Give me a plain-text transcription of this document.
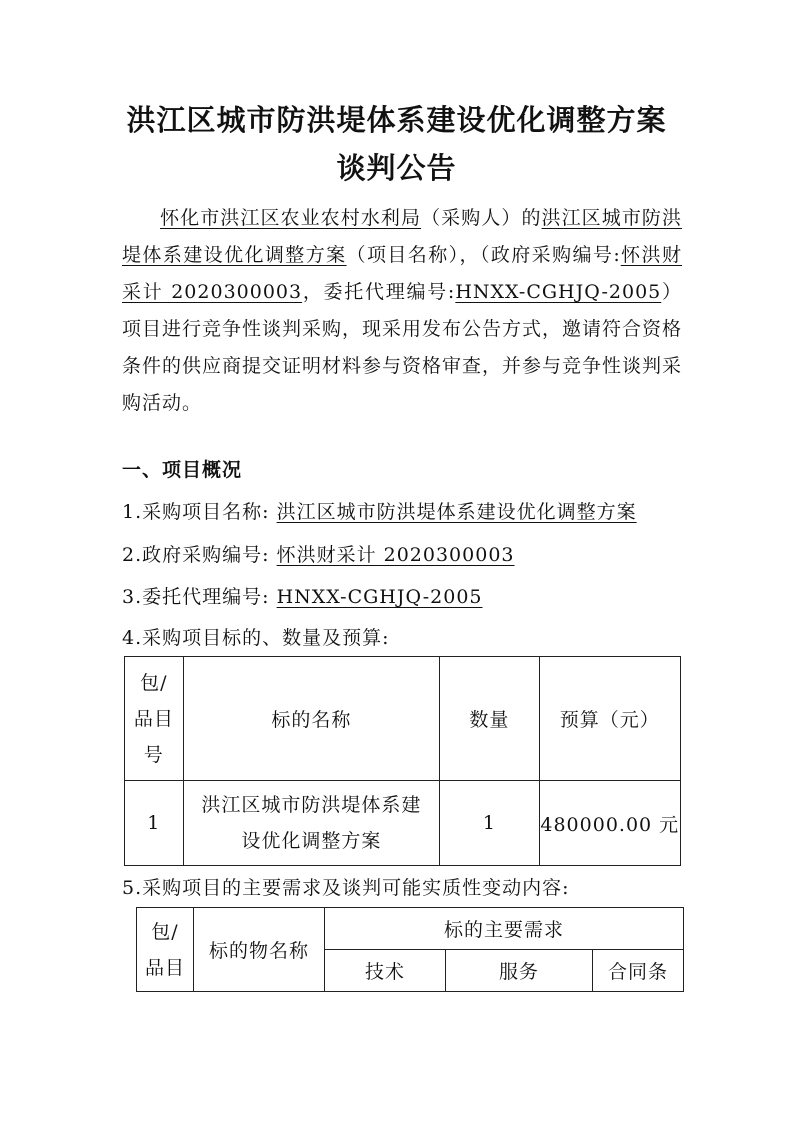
洪江区城市防洪堤体系建设优化调整方案
谈判公告
怀化市洪江区农业农村水利局（采购人）的洪江区城市防洪堤体系建设优化调整方案（项目名称），（政府采购编号:怀洪财采计 2020300003，委托代理编号:HNXX-CGHJQ-2005）项目进行竞争性谈判采购，现采用发布公告方式，邀请符合资格条件的供应商提交证明材料参与资格审查，并参与竞争性谈判采购活动。
一、项目概况
1.采购项目名称: 洪江区城市防洪堤体系建设优化调整方案
2.政府采购编号: 怀洪财采计 2020300003
3.委托代理编号: HNXX-CGHJQ-2005
4.采购项目标的、数量及预算:
包/品目号	标的名称	数量	预算（元）
1	洪江区城市防洪堤体系建设优化调整方案	1	480000.00 元
5.采购项目的主要需求及谈判可能实质性变动内容:
包/品目	标的物名称	标的主要需求		
		技术	服务	合同条
